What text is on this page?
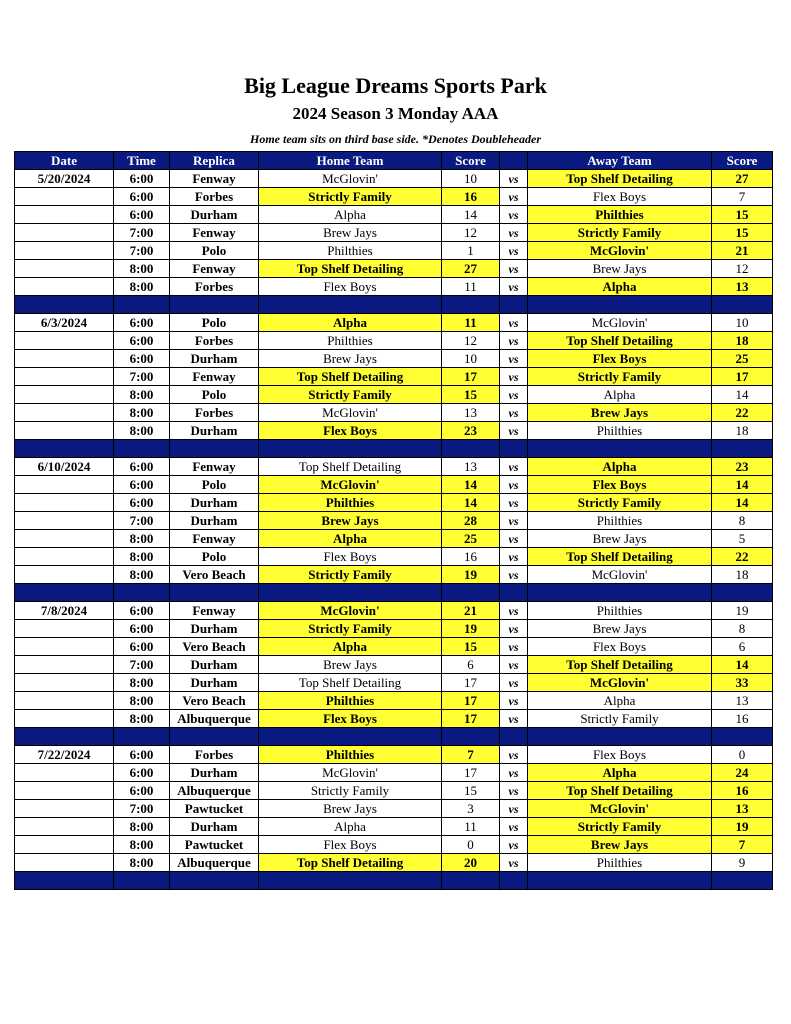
Big League Dreams Sports Park
2024 Season 3 Monday AAA
Home team sits on third base side. *Denotes Doubleheader
Date	Time	Replica	Home Team	Score		Away Team	Score
5/20/2024	6:00	Fenway	McGlovin'	10	vs	Top Shelf Detailing	27
	6:00	Forbes	Strictly Family	16	vs	Flex Boys	7
	6:00	Durham	Alpha	14	vs	Philthies	15
	7:00	Fenway	Brew Jays	12	vs	Strictly Family	15
	7:00	Polo	Philthies	1	vs	McGlovin'	21
	8:00	Fenway	Top Shelf Detailing	27	vs	Brew Jays	12
	8:00	Forbes	Flex Boys	11	vs	Alpha	13

6/3/2024	6:00	Polo	Alpha	11	vs	McGlovin'	10
	6:00	Forbes	Philthies	12	vs	Top Shelf Detailing	18
	6:00	Durham	Brew Jays	10	vs	Flex Boys	25
	7:00	Fenway	Top Shelf Detailing	17	vs	Strictly Family	17
	8:00	Polo	Strictly Family	15	vs	Alpha	14
	8:00	Forbes	McGlovin'	13	vs	Brew Jays	22
	8:00	Durham	Flex Boys	23	vs	Philthies	18

6/10/2024	6:00	Fenway	Top Shelf Detailing	13	vs	Alpha	23
	6:00	Polo	McGlovin'	14	vs	Flex Boys	14
	6:00	Durham	Philthies	14	vs	Strictly Family	14
	7:00	Durham	Brew Jays	28	vs	Philthies	8
	8:00	Fenway	Alpha	25	vs	Brew Jays	5
	8:00	Polo	Flex Boys	16	vs	Top Shelf Detailing	22
	8:00	Vero Beach	Strictly Family	19	vs	McGlovin'	18

7/8/2024	6:00	Fenway	McGlovin'	21	vs	Philthies	19
	6:00	Durham	Strictly Family	19	vs	Brew Jays	8
	6:00	Vero Beach	Alpha	15	vs	Flex Boys	6
	7:00	Durham	Brew Jays	6	vs	Top Shelf Detailing	14
	8:00	Durham	Top Shelf Detailing	17	vs	McGlovin'	33
	8:00	Vero Beach	Philthies	17	vs	Alpha	13
	8:00	Albuquerque	Flex Boys	17	vs	Strictly Family	16

7/22/2024	6:00	Forbes	Philthies	7	vs	Flex Boys	0
	6:00	Durham	McGlovin'	17	vs	Alpha	24
	6:00	Albuquerque	Strictly Family	15	vs	Top Shelf Detailing	16
	7:00	Pawtucket	Brew Jays	3	vs	McGlovin'	13
	8:00	Durham	Alpha	11	vs	Strictly Family	19
	8:00	Pawtucket	Flex Boys	0	vs	Brew Jays	7
	8:00	Albuquerque	Top Shelf Detailing	20	vs	Philthies	9
